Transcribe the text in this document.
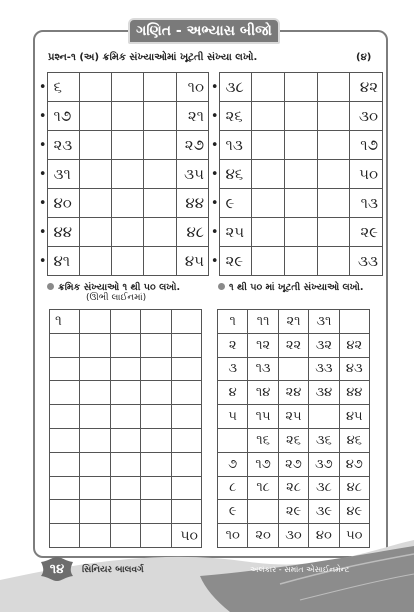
ગણિત - અભ્યાસ બીજો
પ્રશ્ન-૧ (અ) ક્રમિક સંખ્યાઓમાં ખૂટતી સંખ્યા લખો.	(૪)
•	૬				૧૦
•	૧૭				૨૧
•	૨૩				૨૭
•	૩૧				૩૫
•	૪૦				૪૪
•	૪૪				૪૮
•	૪૧				૪૫
•	૩૮				૪૨
•	૨૬				૩૦
•	૧૩				૧૭
•	૪૬				૫૦
•	૯				૧૩
•	૨૫				૨૯
•	૨૯				૩૩
ક્રમિક સંખ્યાઓ ૧ થી ૫૦ લખો.
(ઊભી લાઈનમાં)
૧ થી ૫૦ માં ખૂટતી સંખ્યાઓ લખો.
૧				

				૫૦
૧	૧૧	૨૧	૩૧	
૨	૧૨	૨૨	૩૨	૪૨
૩	૧૩		૩૩	૪૩
૪	૧૪	૨૪	૩૪	૪૪
૫	૧૫	૨૫		૪૫
	૧૬	૨૬	૩૬	૪૬
૭	૧૭	૨૭	૩૭	૪૭
૮	૧૮	૨૮	૩૮	૪૮
૯		૨૯	૩૯	૪૯
૧૦	૨૦	૩૦	૪૦	૫૦
૧૪	સિનિયર બાલવર્ગ	અલંકાર - સમાંત એસાઈનમેન્ટ
